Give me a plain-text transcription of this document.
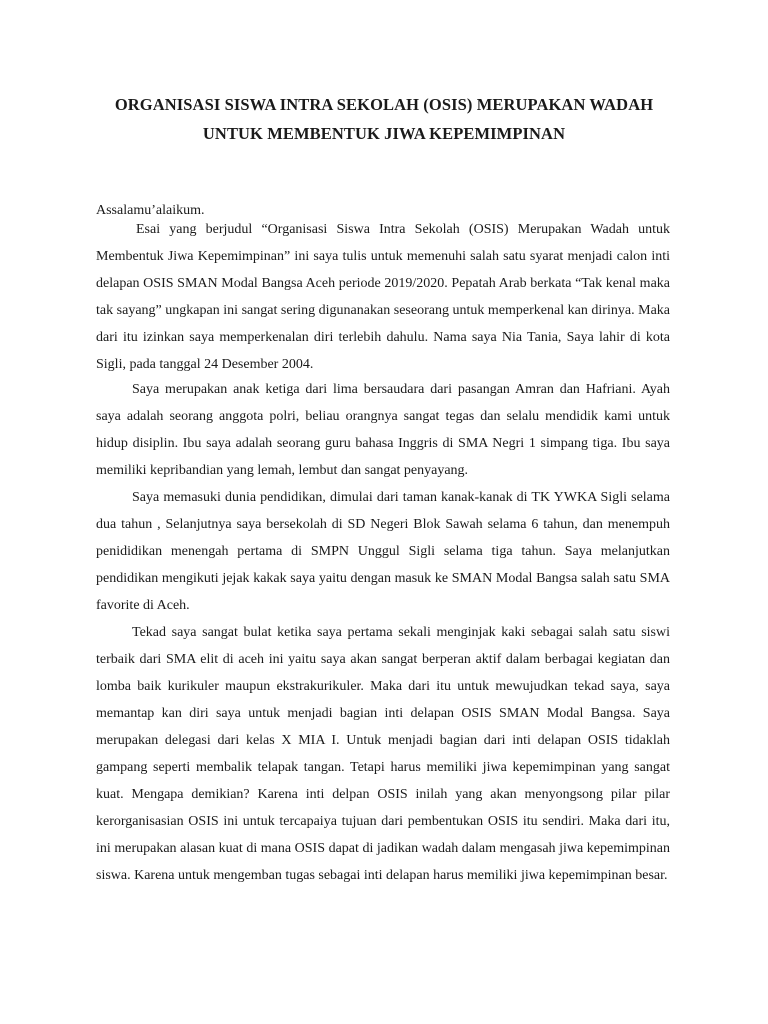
ORGANISASI SISWA INTRA SEKOLAH (OSIS) MERUPAKAN WADAH
UNTUK MEMBENTUK JIWA KEPEMIMPINAN
Assalamu’alaikum.

Esai yang berjudul “Organisasi Siswa Intra Sekolah (OSIS) Merupakan Wadah untuk Membentuk Jiwa Kepemimpinan” ini saya tulis untuk memenuhi salah satu syarat menjadi calon inti delapan OSIS SMAN Modal Bangsa Aceh periode 2019/2020. Pepatah Arab berkata “Tak kenal maka tak sayang” ungkapan ini sangat sering digunanakan seseorang untuk memperkenal kan dirinya. Maka dari itu izinkan saya memperkenalan diri terlebih dahulu. Nama saya Nia Tania, Saya lahir di kota Sigli, pada tanggal 24 Desember 2004.

Saya merupakan anak ketiga dari lima bersaudara dari pasangan Amran dan Hafriani. Ayah saya adalah seorang anggota polri, beliau orangnya sangat tegas dan selalu mendidik kami untuk hidup disiplin. Ibu saya adalah seorang guru bahasa Inggris di SMA Negri 1 simpang tiga. Ibu saya memiliki kepribandian yang lemah, lembut dan sangat penyayang.

Saya memasuki dunia pendidikan, dimulai dari taman kanak-kanak di TK YWKA Sigli selama dua tahun , Selanjutnya saya bersekolah di SD Negeri Blok Sawah selama 6 tahun, dan menempuh penididikan menengah pertama di SMPN Unggul Sigli selama tiga tahun. Saya melanjutkan pendidikan mengikuti jejak kakak saya yaitu dengan masuk ke SMAN Modal Bangsa salah satu SMA favorite di Aceh.

Tekad saya sangat bulat ketika saya pertama sekali menginjak kaki sebagai salah satu siswi terbaik dari SMA elit di aceh ini yaitu saya akan sangat berperan aktif dalam berbagai kegiatan dan lomba baik kurikuler maupun ekstrakurikuler. Maka dari itu untuk mewujudkan tekad saya, saya memantap kan diri saya untuk menjadi bagian inti delapan OSIS SMAN Modal Bangsa. Saya merupakan delegasi dari kelas X MIA I. Untuk menjadi bagian dari inti delapan OSIS tidaklah gampang seperti membalik telapak tangan. Tetapi harus memiliki jiwa kepemimpinan yang sangat kuat. Mengapa demikian? Karena inti delpan OSIS inilah yang akan menyongsong pilar pilar kerorganisasian OSIS ini untuk tercapaiya tujuan dari pembentukan OSIS itu sendiri. Maka dari itu, ini merupakan alasan kuat di mana OSIS dapat di jadikan wadah dalam mengasah jiwa kepemimpinan siswa. Karena untuk mengemban tugas sebagai inti delapan harus memiliki jiwa kepemimpinan besar.
